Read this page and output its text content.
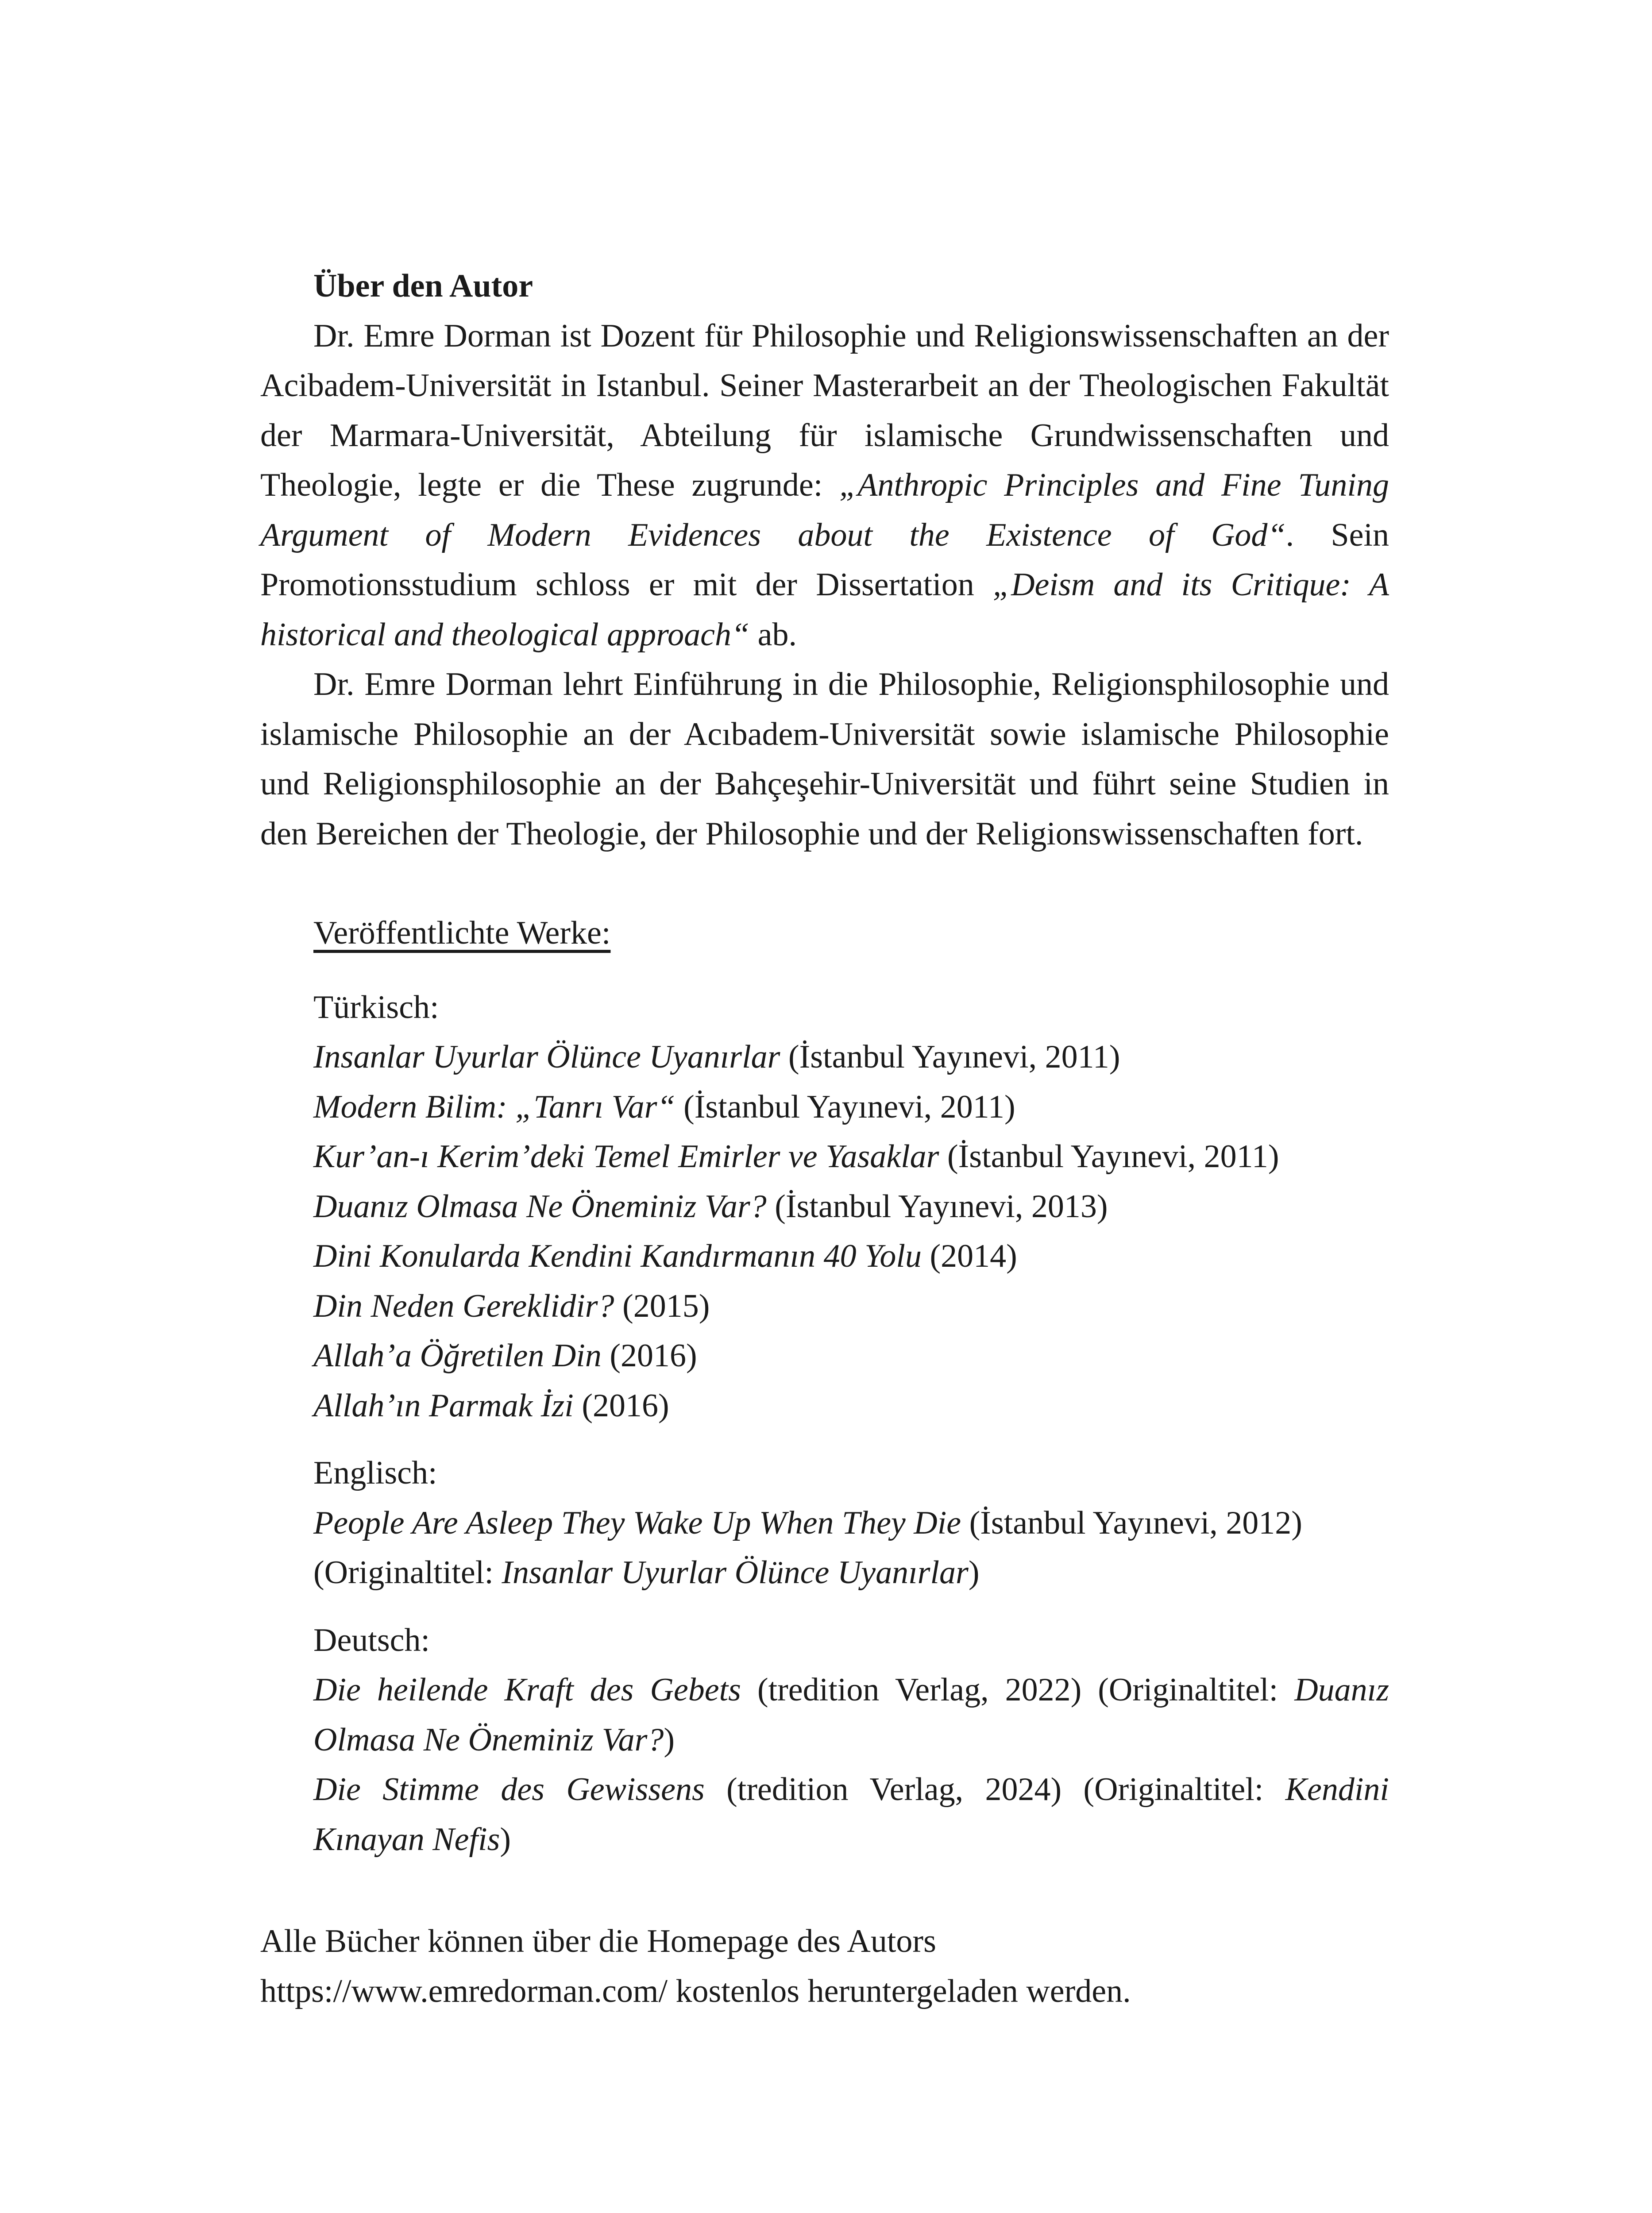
Über den Autor

Dr. Emre Dorman ist Dozent für Philosophie und Religionswissenschaften an der Acibadem-Universität in Istanbul. Seiner Masterarbeit an der Theologischen Fakultät der Marmara-Universität, Abteilung für islamische Grundwissenschaften und Theologie, legte er die These zugrunde: „Anthropic Principles and Fine Tuning Argument of Modern Evidences about the Existence of God“. Sein Promotionsstudium schloss er mit der Dissertation „Deism and its Critique: A historical and theological approach“ ab.

Dr. Emre Dorman lehrt Einführung in die Philosophie, Religionsphilosophie und islamische Philosophie an der Acıbadem-Universität sowie islamische Philosophie und Religionsphilosophie an der Bahçeşehir-Universität und führt seine Studien in den Bereichen der Theologie, der Philosophie und der Religionswissenschaften fort.

Veröffentlichte Werke:

Türkisch:

Insanlar Uyurlar Ölünce Uyanırlar (İstanbul Yayınevi, 2011)

Modern Bilim: „Tanrı Var“ (İstanbul Yayınevi, 2011)

Kur’an-ı Kerim’deki Temel Emirler ve Yasaklar (İstanbul Yayınevi, 2011)

Duanız Olmasa Ne Öneminiz Var? (İstanbul Yayınevi, 2013)

Dini Konularda Kendini Kandırmanın 40 Yolu (2014)

Din Neden Gereklidir? (2015)

Allah’a Öğretilen Din (2016)

Allah’ın Parmak İzi (2016)

Englisch:

People Are Asleep They Wake Up When They Die (İstanbul Yayınevi, 2012)

(Originaltitel: Insanlar Uyurlar Ölünce Uyanırlar)

Deutsch:

Die heilende Kraft des Gebets (tredition Verlag, 2022) (Originaltitel: Duanız Olmasa Ne Öneminiz Var?)

Die Stimme des Gewissens (tredition Verlag, 2024) (Originaltitel: Kendini Kınayan Nefis)

Alle Bücher können über die Homepage des Autors

https://www.emredorman.com/ kostenlos heruntergeladen werden.
